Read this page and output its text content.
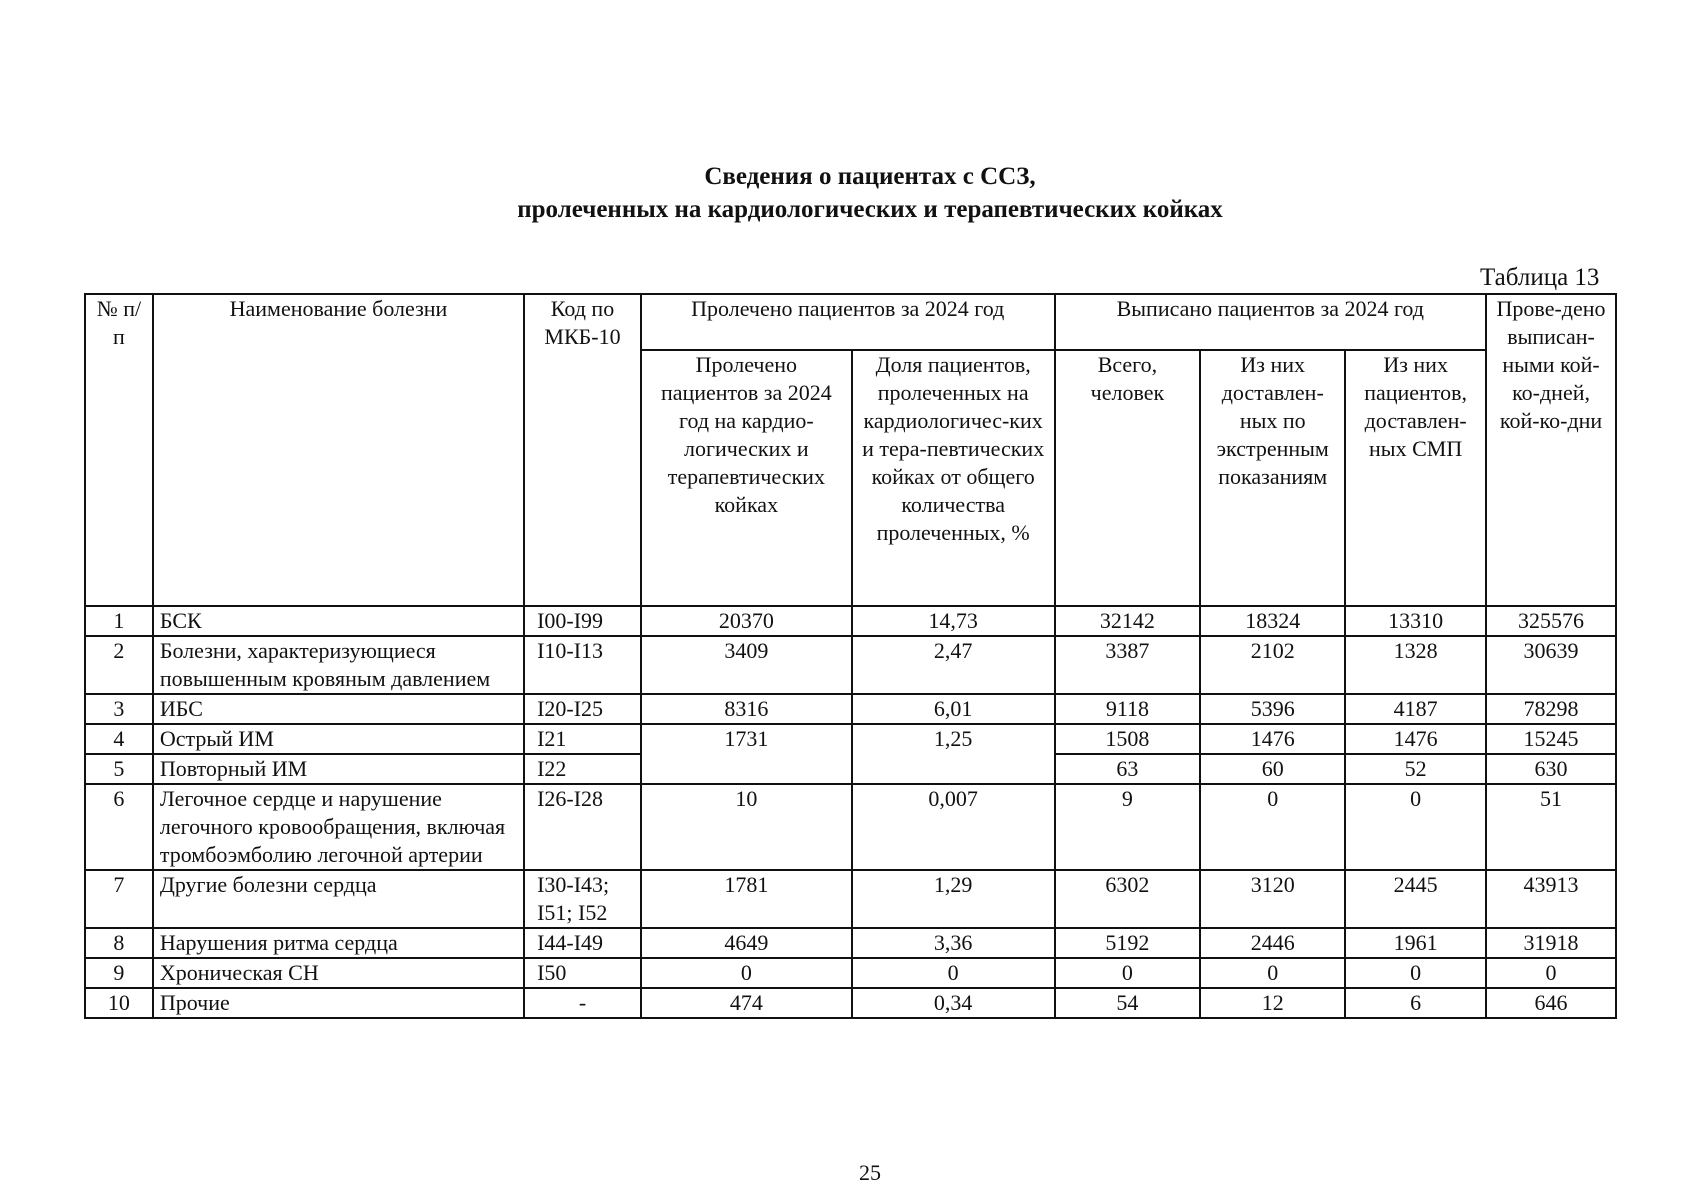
Сведения о пациентах с ССЗ,
пролеченных на кардиологических и терапевтических койках
Таблица 13
№ п/п	Наименование болезни	Код по МКБ-10	Пролечено пациентов за 2024 год		Выписано пациентов за 2024 год			Прове-дено выписан-ными кой-ко-дней, кой-ко-дни
			Пролечено пациентов за 2024 год на кардио-логических и терапевтических койках	Доля пациентов, пролеченных на кардиологичес-ких и тера-певтических койках от общего количества пролеченных, %	Всего, человек	Из них доставлен-ных по экстренным показаниям	Из них пациентов, доставлен-ных СМП	
1	БСК	I00-I99	20370	14,73	32142	18324	13310	325576
2	Болезни, характеризующиеся повышенным кровяным давлением	I10-I13	3409	2,47	3387	2102	1328	30639
3	ИБС	I20-I25	8316	6,01	9118	5396	4187	78298
4	Острый ИМ	I21	1731	1,25	1508	1476	1476	15245
5	Повторный ИМ	I22			63	60	52	630
6	Легочное сердце и нарушение легочного кровообращения, включая тромбоэмболию легочной артерии	I26-I28	10	0,007	9	0	0	51
7	Другие болезни сердца	I30-I43; I51; I52	1781	1,29	6302	3120	2445	43913
8	Нарушения ритма сердца	I44-I49	4649	3,36	5192	2446	1961	31918
9	Хроническая СН	I50	0	0	0	0	0	0
10	Прочие	-	474	0,34	54	12	6	646
25
